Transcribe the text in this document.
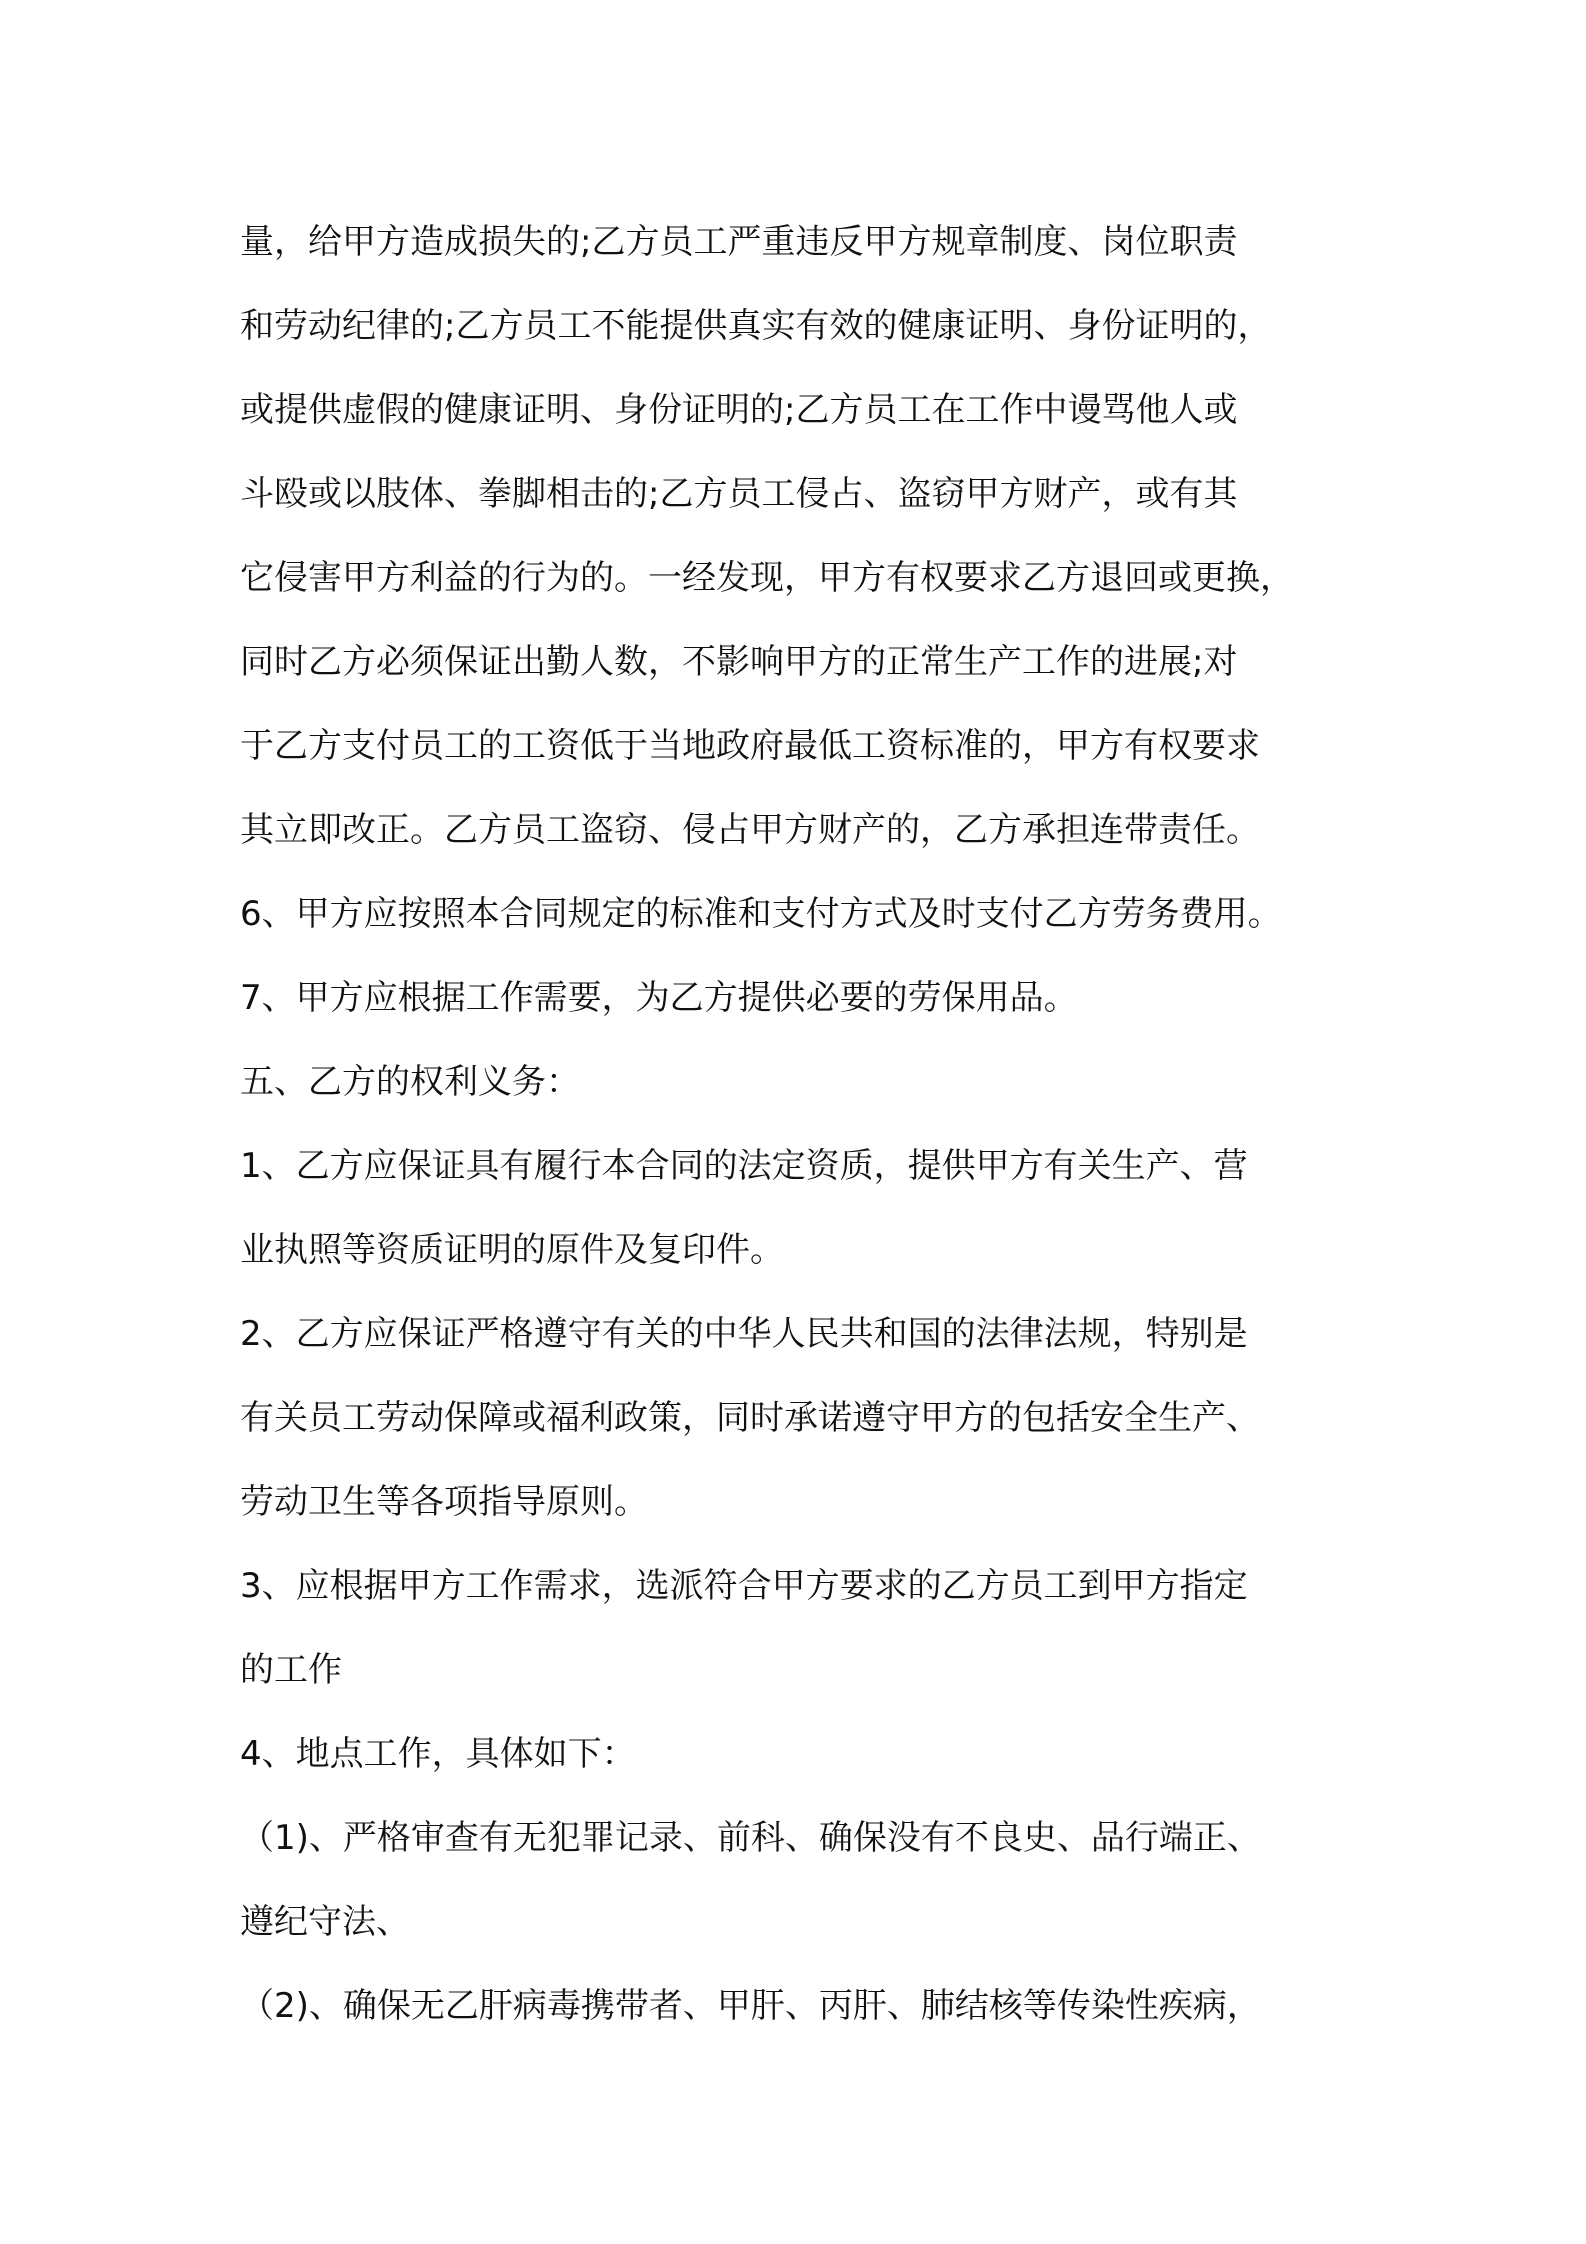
量，给甲方造成损失的;乙方员工严重违反甲方规章制度、岗位职责
和劳动纪律的;乙方员工不能提供真实有效的健康证明、身份证明的，
或提供虚假的健康证明、身份证明的;乙方员工在工作中谩骂他人或
斗殴或以肢体、拳脚相击的;乙方员工侵占、盗窃甲方财产，或有其
它侵害甲方利益的行为的。一经发现，甲方有权要求乙方退回或更换，
同时乙方必须保证出勤人数，不影响甲方的正常生产工作的进展;对
于乙方支付员工的工资低于当地政府最低工资标准的，甲方有权要求
其立即改正。乙方员工盗窃、侵占甲方财产的，乙方承担连带责任。
6、甲方应按照本合同规定的标准和支付方式及时支付乙方劳务费用。
7、甲方应根据工作需要，为乙方提供必要的劳保用品。
五、乙方的权利义务：
1、乙方应保证具有履行本合同的法定资质，提供甲方有关生产、营
业执照等资质证明的原件及复印件。
2、乙方应保证严格遵守有关的中华人民共和国的法律法规，特别是
有关员工劳动保障或福利政策，同时承诺遵守甲方的包括安全生产、
劳动卫生等各项指导原则。
3、应根据甲方工作需求，选派符合甲方要求的乙方员工到甲方指定
的工作
4、地点工作，具体如下：
（1)、严格审查有无犯罪记录、前科、确保没有不良史、品行端正、
遵纪守法、
（2)、确保无乙肝病毒携带者、甲肝、丙肝、肺结核等传染性疾病，
